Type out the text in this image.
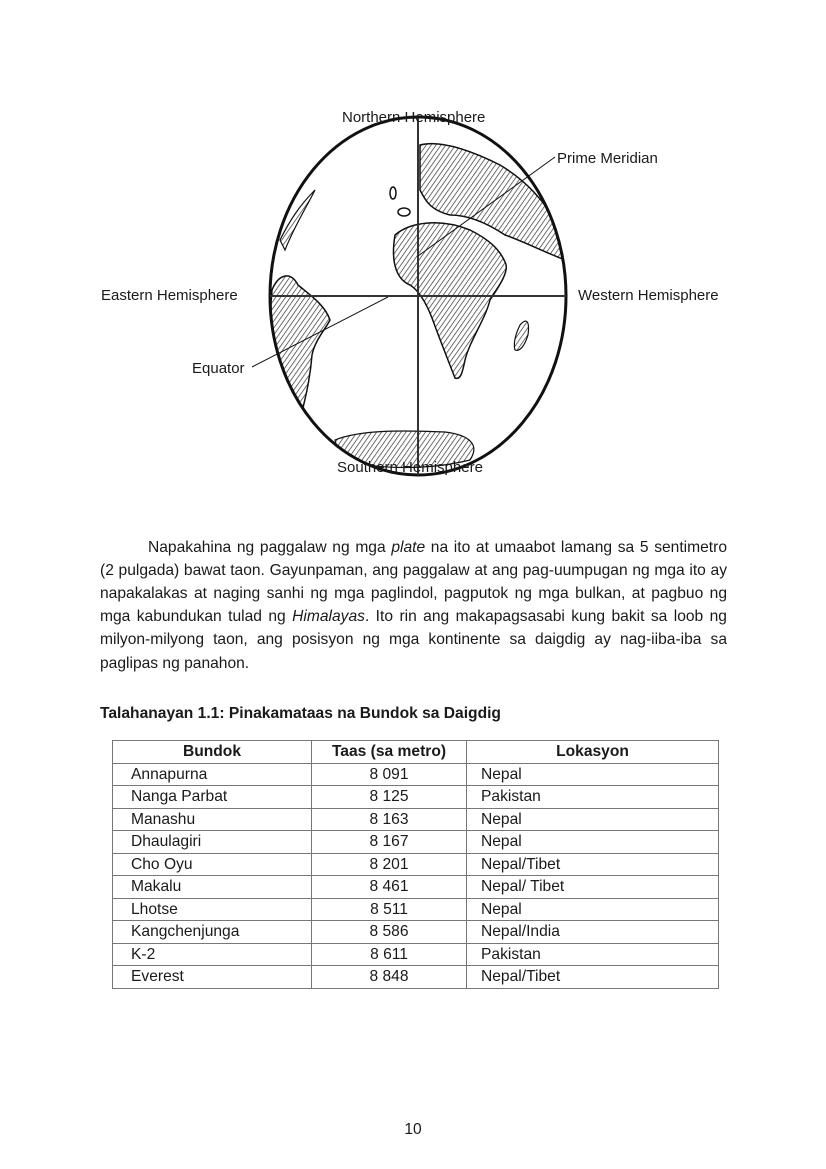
Northern Hemisphere
Prime Meridian
Eastern Hemisphere	Western Hemisphere
Equator
Southern Hemisphere

Napakahina ng paggalaw ng mga plate na ito at umaabot lamang sa 5 sentimetro (2 pulgada) bawat taon. Gayunpaman, ang paggalaw at ang pag-uumpugan ng mga ito ay napakalakas at naging sanhi ng mga paglindol, pagputok ng mga bulkan, at pagbuo ng mga kabundukan tulad ng Himalayas. Ito rin ang makapagsasabi kung bakit sa loob ng milyon-milyong taon, ang posisyon ng mga kontinente sa daigdig ay nag-iiba-iba sa paglipas ng panahon.

Talahanayan 1.1: Pinakamataas na Bundok sa Daigdig
Bundok	Taas (sa metro)	Lokasyon
Annapurna	8 091	Nepal
Nanga Parbat	8 125	Pakistan
Manashu	8 163	Nepal
Dhaulagiri	8 167	Nepal
Cho Oyu	8 201	Nepal/Tibet
Makalu	8 461	Nepal/ Tibet
Lhotse	8 511	Nepal
Kangchenjunga	8 586	Nepal/India
K-2	8 611	Pakistan
Everest	8 848	Nepal/Tibet
10
